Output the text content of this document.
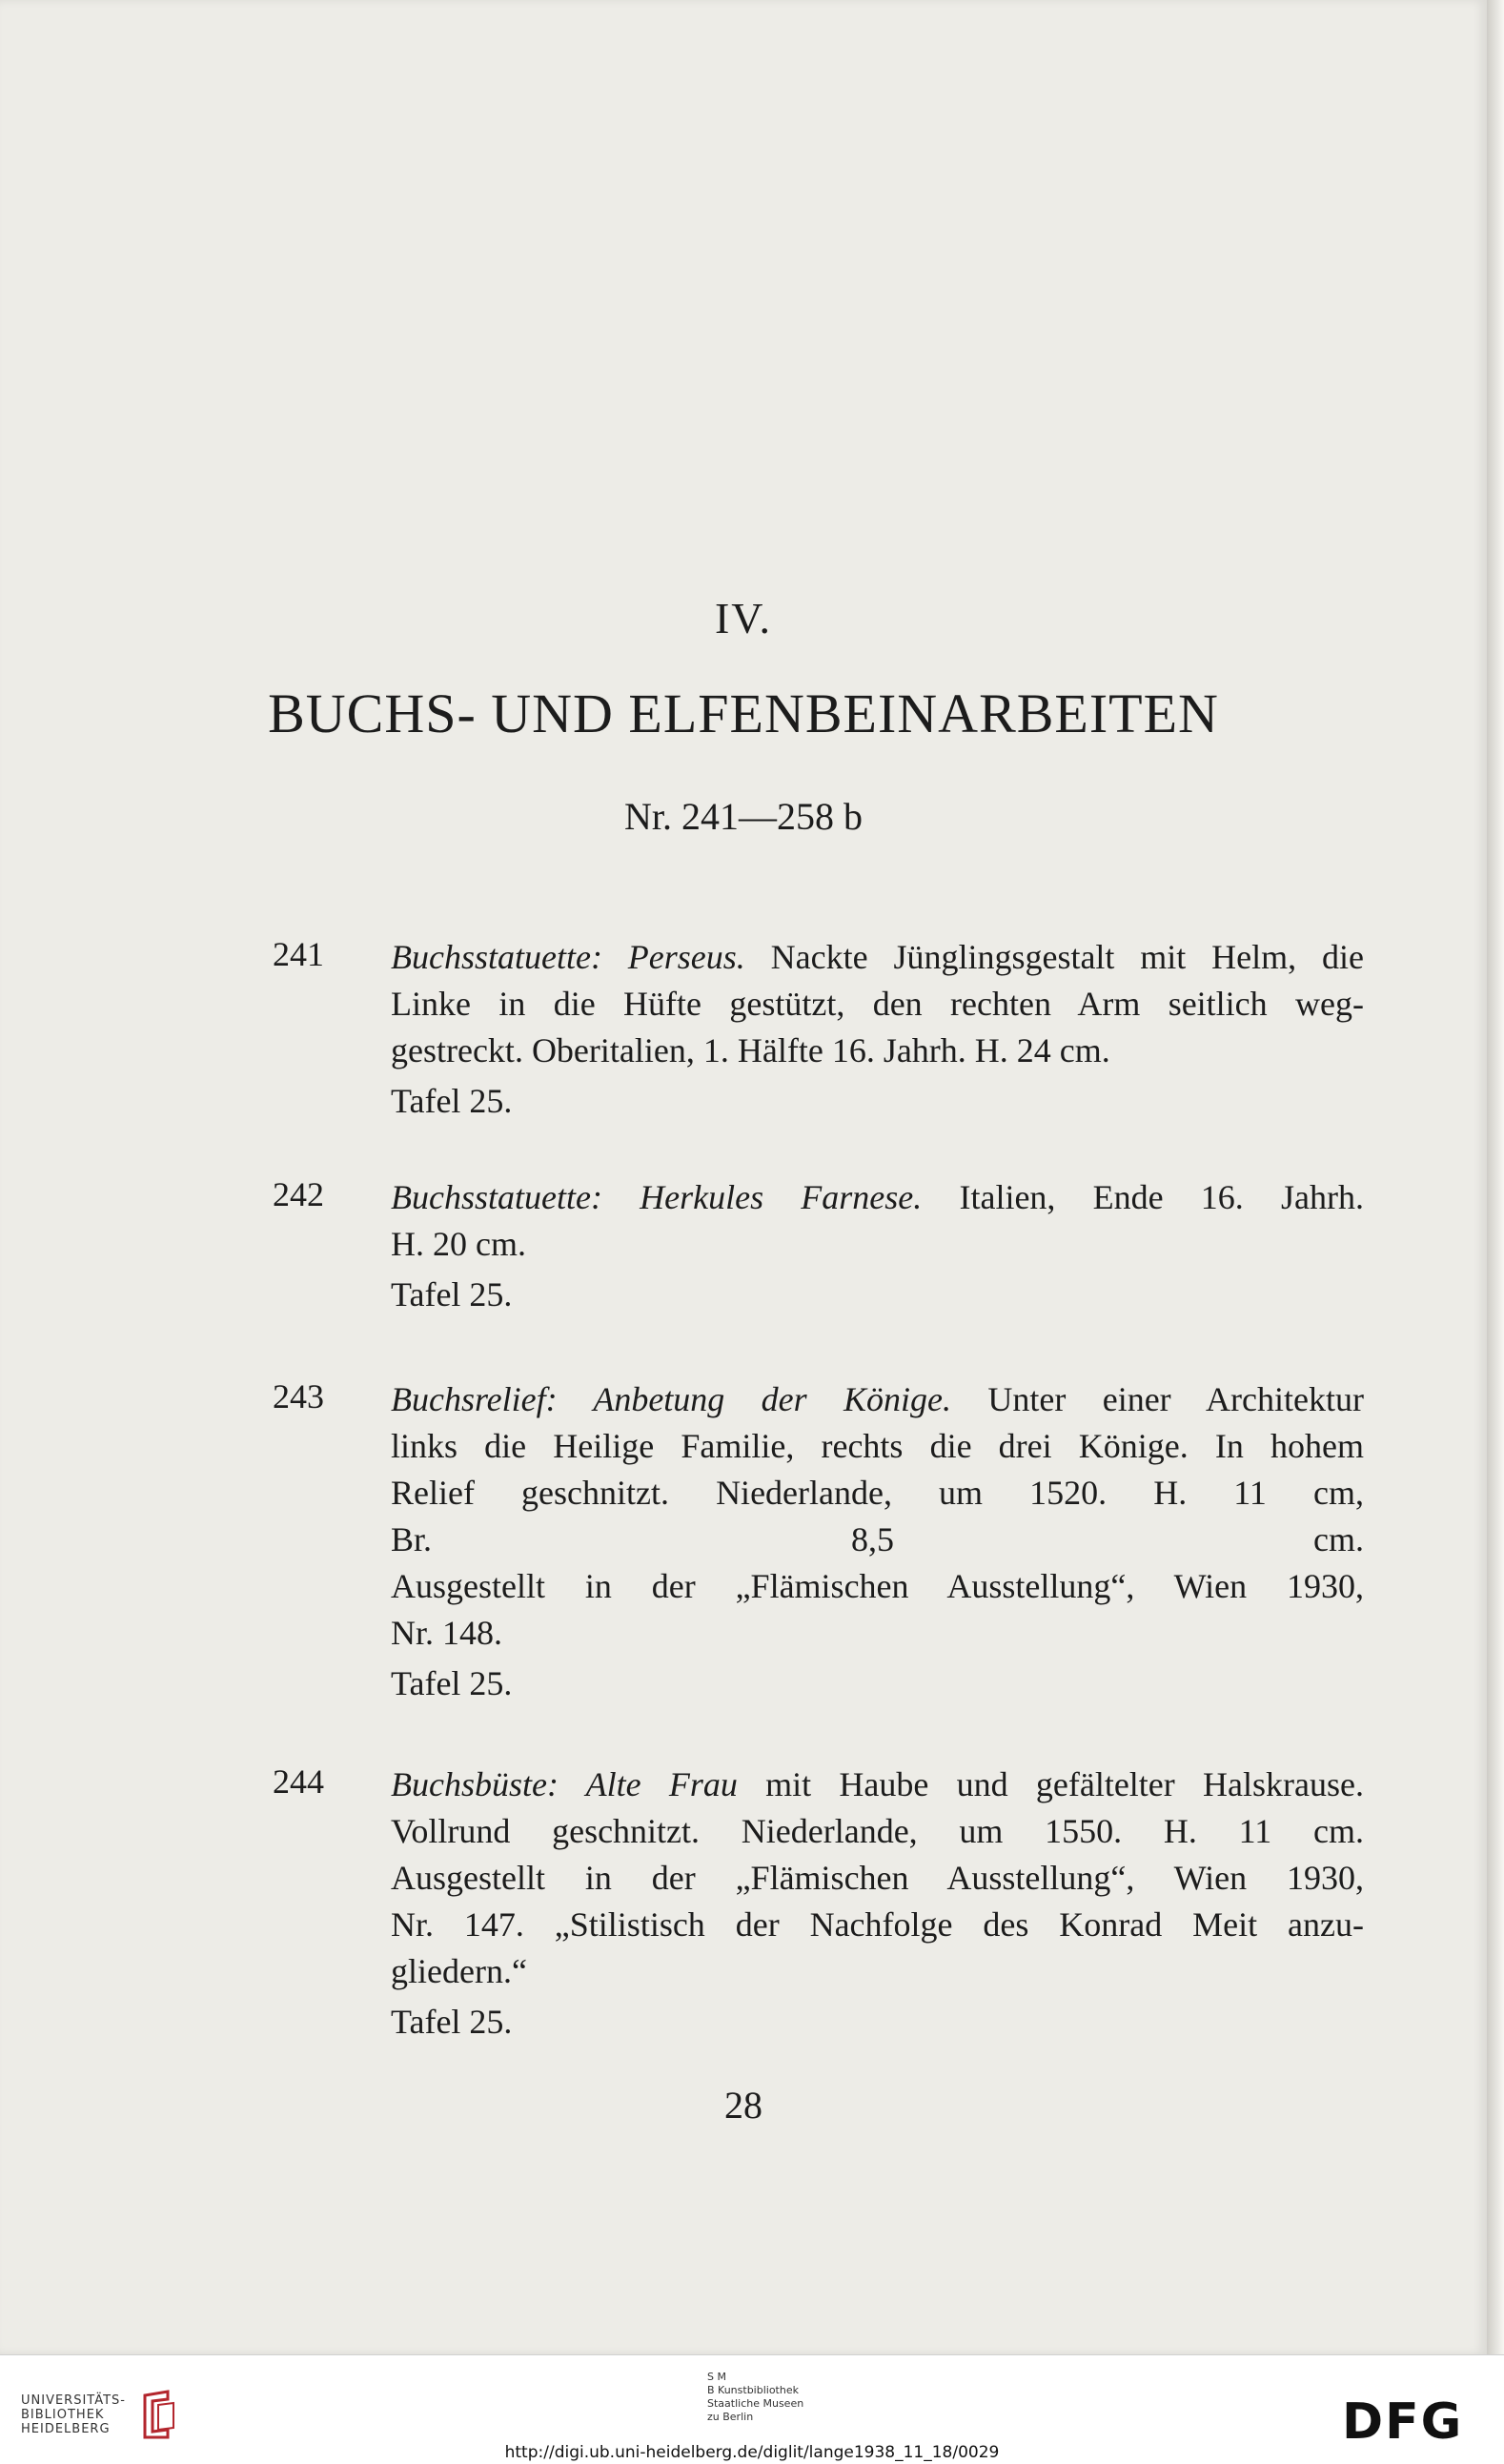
IV.
BUCHS- UND ELFENBEINARBEITEN
Nr. 241—258 b
241	Buchsstatuette: Perseus. Nackte Jünglingsgestalt mit Helm, die
Linke in die Hüfte gestützt, den rechten Arm seitlich weg-
gestreckt. Oberitalien, 1. Hälfte 16. Jahrh. H. 24 cm.
Tafel 25.
242	Buchsstatuette: Herkules Farnese. Italien, Ende 16. Jahrh.
H. 20 cm.
Tafel 25.
243	Buchsrelief: Anbetung der Könige. Unter einer Architektur
links die Heilige Familie, rechts die drei Könige. In hohem
Relief geschnitzt. Niederlande, um 1520. H. 11 cm,
Br. 8,5 cm.
Ausgestellt in der „Flämischen Ausstellung“, Wien 1930,
Nr. 148.
Tafel 25.
244	Buchsbüste: Alte Frau mit Haube und gefältelter Halskrause.
Vollrund geschnitzt. Niederlande, um 1550. H. 11 cm.
Ausgestellt in der „Flämischen Ausstellung“, Wien 1930,
Nr. 147. „Stilistisch der Nachfolge des Konrad Meit anzu-
gliedern.“
Tafel 25.
28
UNIVERSITÄTS-
BIBLIOTHEK
HEIDELBERG
S M
B Kunstbibliothek
Staatliche Museen
zu Berlin	DFG
http://digi.ub.uni-heidelberg.de/diglit/lange1938_11_18/0029
